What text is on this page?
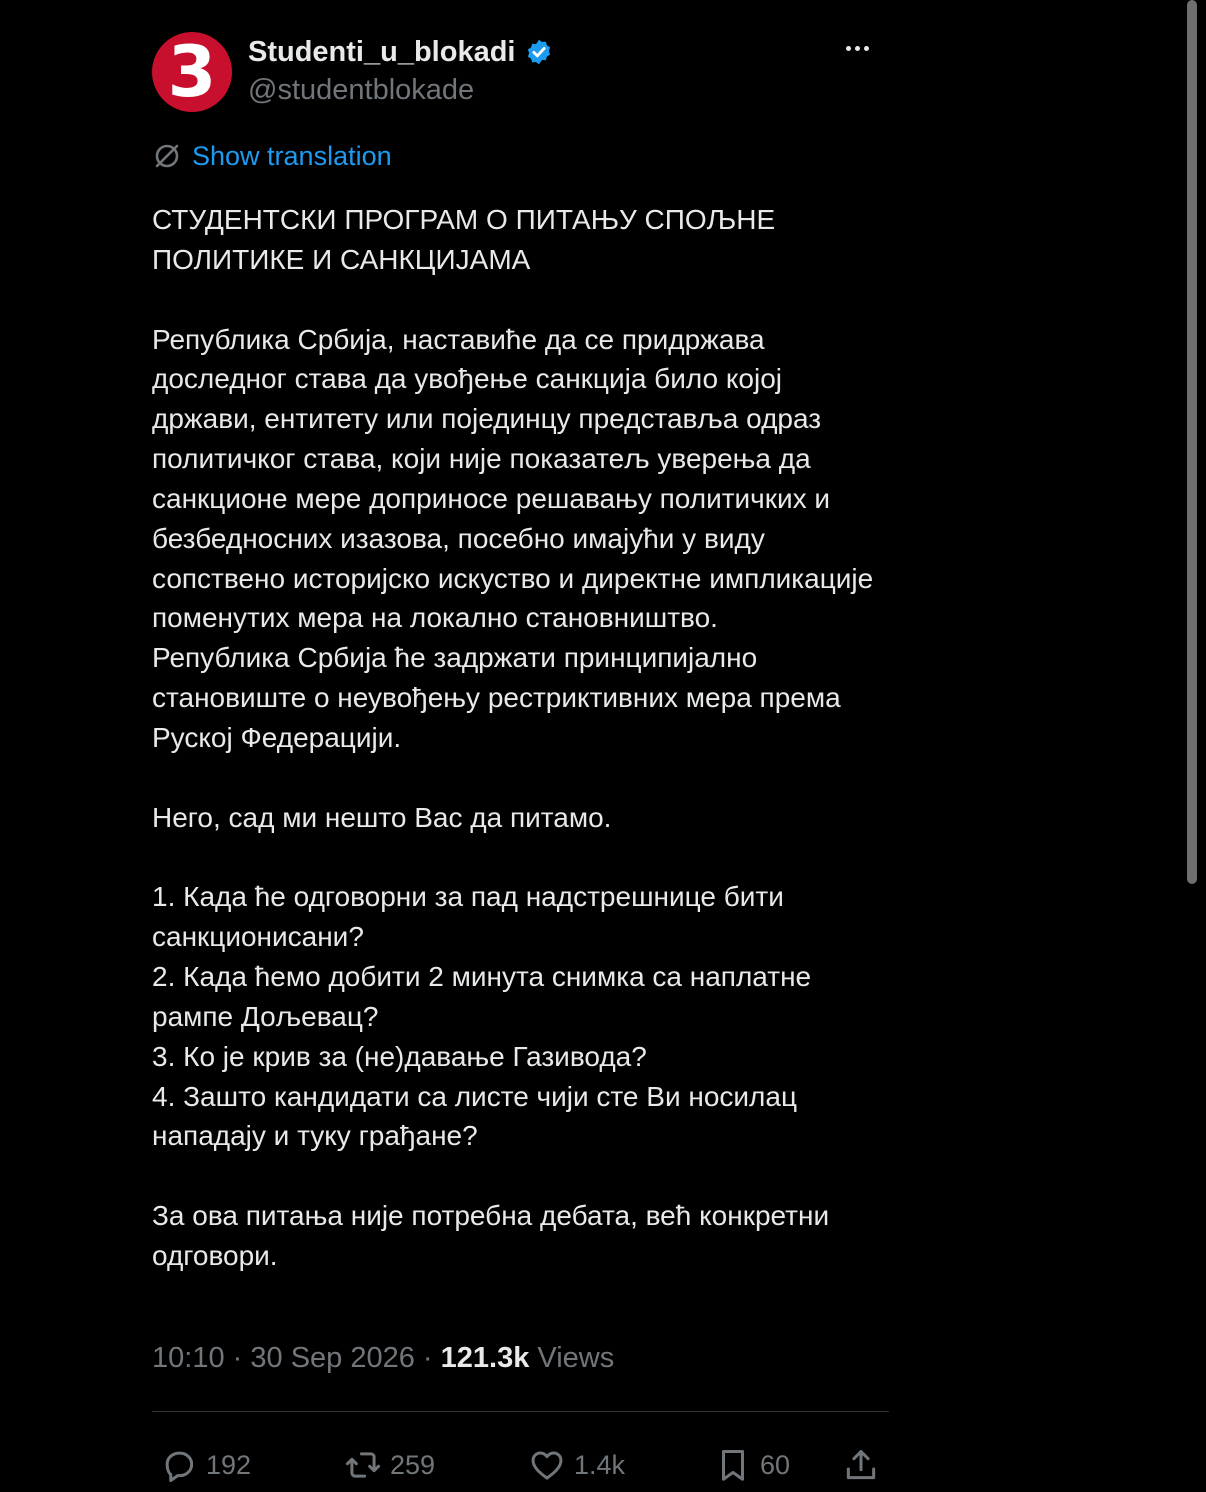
3	Studenti_u_blokadi
@studentblokade
Show translation
СТУДЕНТСКИ ПРОГРАМ О ПИТАЊУ СПОЉНЕ ПОЛИТИКЕ И САНКЦИЈАМА

Република Србија, наставиће да се придржава доследног става да увођење санкција било којој држави, ентитету или појединцу представља одраз политичког става, који није показатељ уверења да санкционе мере доприносе решавању политичких и безбедносних изазова, посебно имајући у виду сопствено историјско искуство и директне импликације поменутих мера на локално становништво.
Република Србија ће задржати принципијално становиште о неувођењу рестриктивних мера према Руској Федерацији.

Него, сад ми нешто Вас да питамо.

1. Када ће одговорни за пад надстрешнице бити санкционисани?
2. Када ћемо добити 2 минута снимка са наплатне рампе Дољевац?
3. Ко је крив за (не)давање Газивода?
4. Зашто кандидати са листе чији сте Ви носилац нападају и туку грађане?

За ова питања није потребна дебата, већ конкретни одговори.
10:10 · 30 Sep 2026 · 121.3k Views
192	259	1.4k	60
